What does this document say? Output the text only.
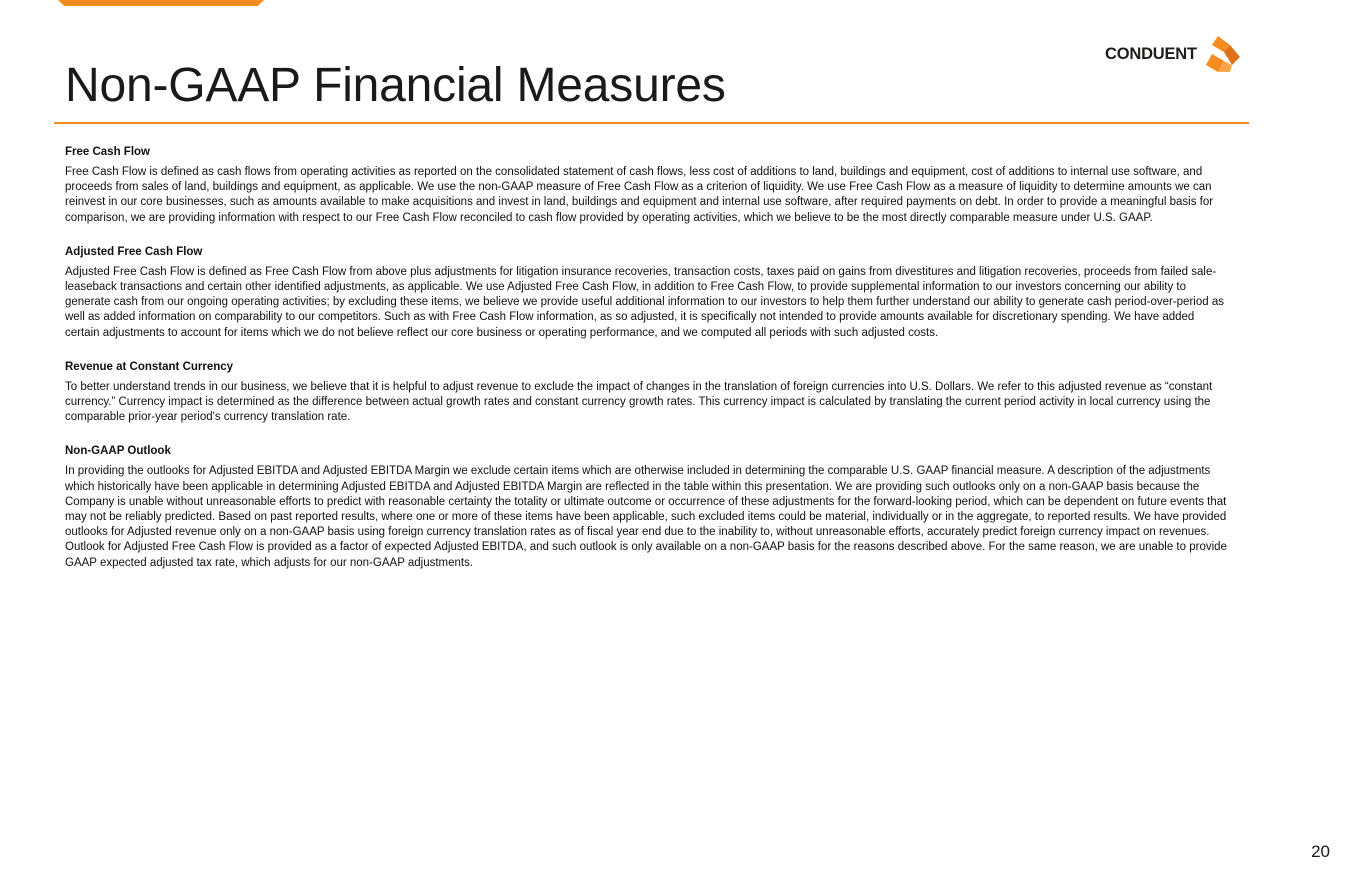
Non-GAAP Financial Measures
CONDUENT

Free Cash Flow

Free Cash Flow is defined as cash flows from operating activities as reported on the consolidated statement of cash flows, less cost of additions to land, buildings and equipment, cost of additions to internal use software, and proceeds from sales of land, buildings and equipment, as applicable. We use the non-GAAP measure of Free Cash Flow as a criterion of liquidity. We use Free Cash Flow as a measure of liquidity to determine amounts we can reinvest in our core businesses, such as amounts available to make acquisitions and invest in land, buildings and equipment and internal use software, after required payments on debt. In order to provide a meaningful basis for comparison, we are providing information with respect to our Free Cash Flow reconciled to cash flow provided by operating activities, which we believe to be the most directly comparable measure under U.S. GAAP.

Adjusted Free Cash Flow

Adjusted Free Cash Flow is defined as Free Cash Flow from above plus adjustments for litigation insurance recoveries, transaction costs, taxes paid on gains from divestitures and litigation recoveries, proceeds from failed sale-leaseback transactions and certain other identified adjustments, as applicable. We use Adjusted Free Cash Flow, in addition to Free Cash Flow, to provide supplemental information to our investors concerning our ability to generate cash from our ongoing operating activities; by excluding these items, we believe we provide useful additional information to our investors to help them further understand our ability to generate cash period-over-period as well as added information on comparability to our competitors. Such as with Free Cash Flow information, as so adjusted, it is specifically not intended to provide amounts available for discretionary spending. We have added certain adjustments to account for items which we do not believe reflect our core business or operating performance, and we computed all periods with such adjusted costs.

Revenue at Constant Currency

To better understand trends in our business, we believe that it is helpful to adjust revenue to exclude the impact of changes in the translation of foreign currencies into U.S. Dollars. We refer to this adjusted revenue as “constant currency.” Currency impact is determined as the difference between actual growth rates and constant currency growth rates. This currency impact is calculated by translating the current period activity in local currency using the comparable prior-year period's currency translation rate.

Non-GAAP Outlook

In providing the outlooks for Adjusted EBITDA and Adjusted EBITDA Margin we exclude certain items which are otherwise included in determining the comparable U.S. GAAP financial measure. A description of the adjustments which historically have been applicable in determining Adjusted EBITDA and Adjusted EBITDA Margin are reflected in the table within this presentation. We are providing such outlooks only on a non-GAAP basis because the Company is unable without unreasonable efforts to predict with reasonable certainty the totality or ultimate outcome or occurrence of these adjustments for the forward-looking period, which can be dependent on future events that may not be reliably predicted. Based on past reported results, where one or more of these items have been applicable, such excluded items could be material, individually or in the aggregate, to reported results. We have provided outlooks for Adjusted revenue only on a non-GAAP basis using foreign currency translation rates as of fiscal year end due to the inability to, without unreasonable efforts, accurately predict foreign currency impact on revenues. Outlook for Adjusted Free Cash Flow is provided as a factor of expected Adjusted EBITDA, and such outlook is only available on a non-GAAP basis for the reasons described above. For the same reason, we are unable to provide GAAP expected adjusted tax rate, which adjusts for our non-GAAP adjustments.

20
